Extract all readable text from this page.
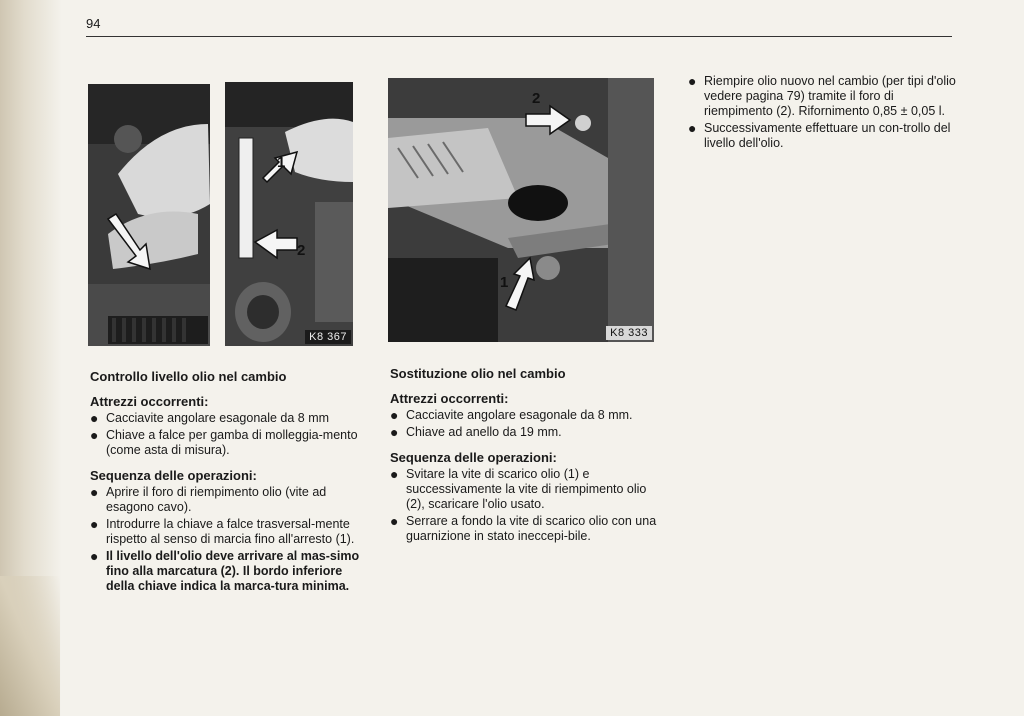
94
1
2
K8 367
2
1
K8 333
Controllo livello olio nel cambio
Attrezzi occorrenti:
● Cacciavite angolare esagonale da 8 mm
● Chiave a falce per gamba di molleggia-mento (come asta di misura).
Sequenza delle operazioni:
● Aprire il foro di riempimento olio (vite ad esagono cavo).
● Introdurre la chiave a falce trasversal-mente rispetto al senso di marcia fino all'arresto (1).
● Il livello dell'olio deve arrivare al mas-simo fino alla marcatura (2). Il bordo inferiore della chiave indica la marca-tura minima.
Sostituzione olio nel cambio
Attrezzi occorrenti:
● Cacciavite angolare esagonale da 8 mm.
● Chiave ad anello da 19 mm.
Sequenza delle operazioni:
● Svitare la vite di scarico olio (1) e successivamente la vite di riempimento olio (2), scaricare l'olio usato.
● Serrare a fondo la vite di scarico olio con una guarnizione in stato ineccepi-bile.
● Riempire olio nuovo nel cambio (per tipi d'olio vedere pagina 79) tramite il foro di riempimento (2). Rifornimento 0,85 ± 0,05 l.
● Successivamente effettuare un con-trollo del livello dell'olio.
